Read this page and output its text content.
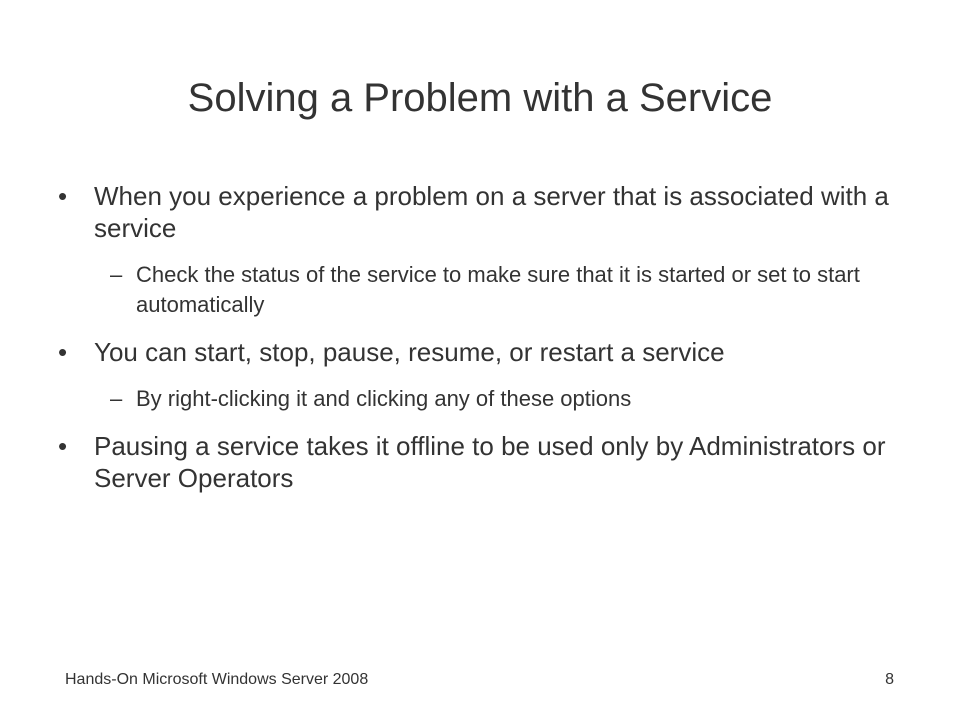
Solving a Problem with a Service
•	When you experience a problem on a server that is associated with a service
– Check the status of the service to make sure that it is started or set to start automatically
•	You can start, stop, pause, resume, or restart a service
– By right-clicking it and clicking any of these options
•	Pausing a service takes it offline to be used only by Administrators or Server Operators
Hands-On Microsoft Windows Server 2008	8
